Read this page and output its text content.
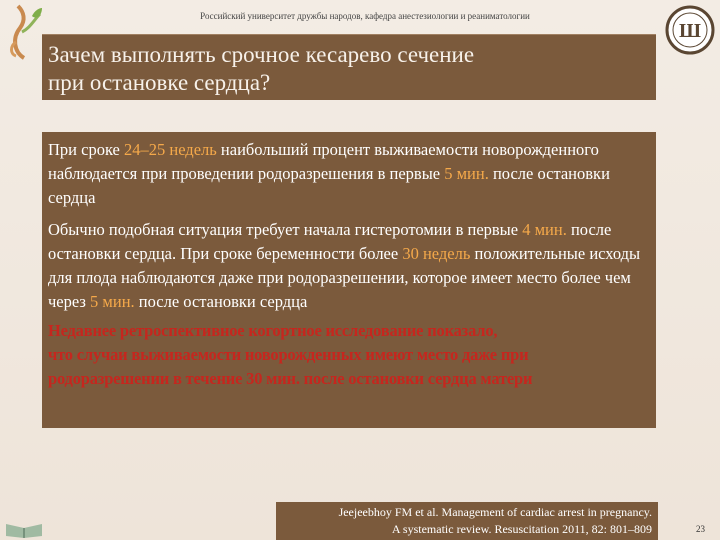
Российский университет дружбы народов, кафедра анестезиологии и реаниматологии
Ш
Зачем выполнять срочное кесарево сечение
при остановке сердца?

При сроке 24–25 недель наибольший процент выживаемости новорожденного наблюдается при проведении родоразрешения в первые 5 мин. после остановки сердца

Обычно подобная ситуация требует начала гистеротомии в первые 4 мин. после остановки сердца. При сроке беременности более 30 недель положительные исходы для плода наблюдаются даже при родоразрешении, которое имеет место более чем через 5 мин. после остановки сердца

Недавнее ретроспективное когортное исследование показало,
что случаи выживаемости новорожденных имеют место даже при
родоразрешении в течение 30 мин. после остановки сердца матери
Jeejeebhoy FM et al. Management of cardiac arrest in pregnancy.
A systematic review. Resuscitation 2011, 82: 801–809	23
